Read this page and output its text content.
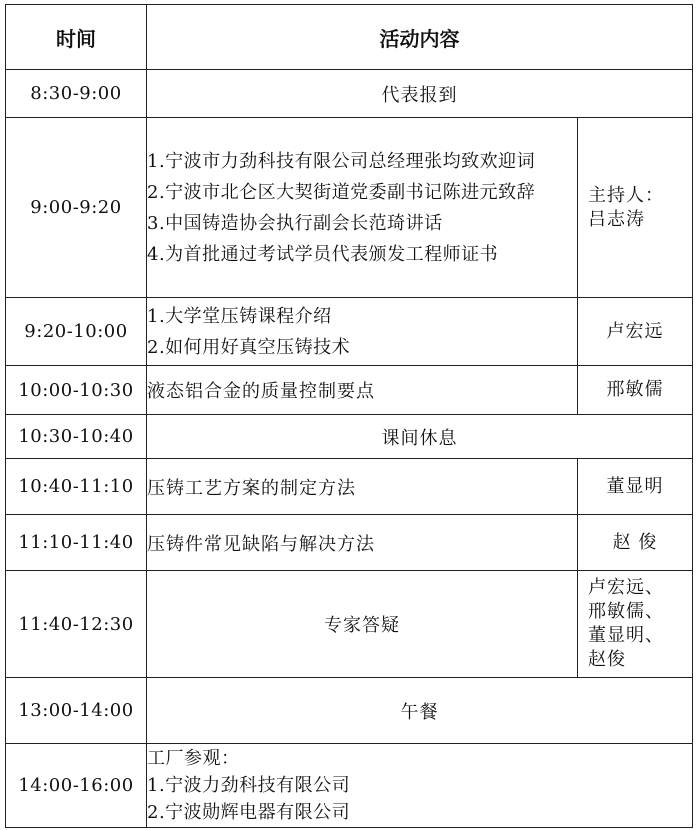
时间	活动内容	
8:30-9:00	代表报到	
9:00-9:20	1.宁波市力劲科技有限公司总经理张均致欢迎词
2.宁波市北仑区大契街道党委副书记陈进元致辞
3.中国铸造协会执行副会长范琦讲话
4.为首批通过考试学员代表颁发工程师证书	主持人：
吕志涛

9:20-10:00	1.大学堂压铸课程介绍
2.如何用好真空压铸技术	卢宏远
10:00-10:30	液态铝合金的质量控制要点	邢敏儒
10:30-10:40	课间休息	
10:40-11:10	压铸工艺方案的制定方法	董显明
11:10-11:40	压铸件常见缺陷与解决方法	赵 俊
11:40-12:30	专家答疑	卢宏远、
邢敏儒、
董显明、
赵俊

13:00-14:00	午餐	
14:00-16:00	工厂参观：
1.宁波力劲科技有限公司
2.宁波勋辉电器有限公司	
